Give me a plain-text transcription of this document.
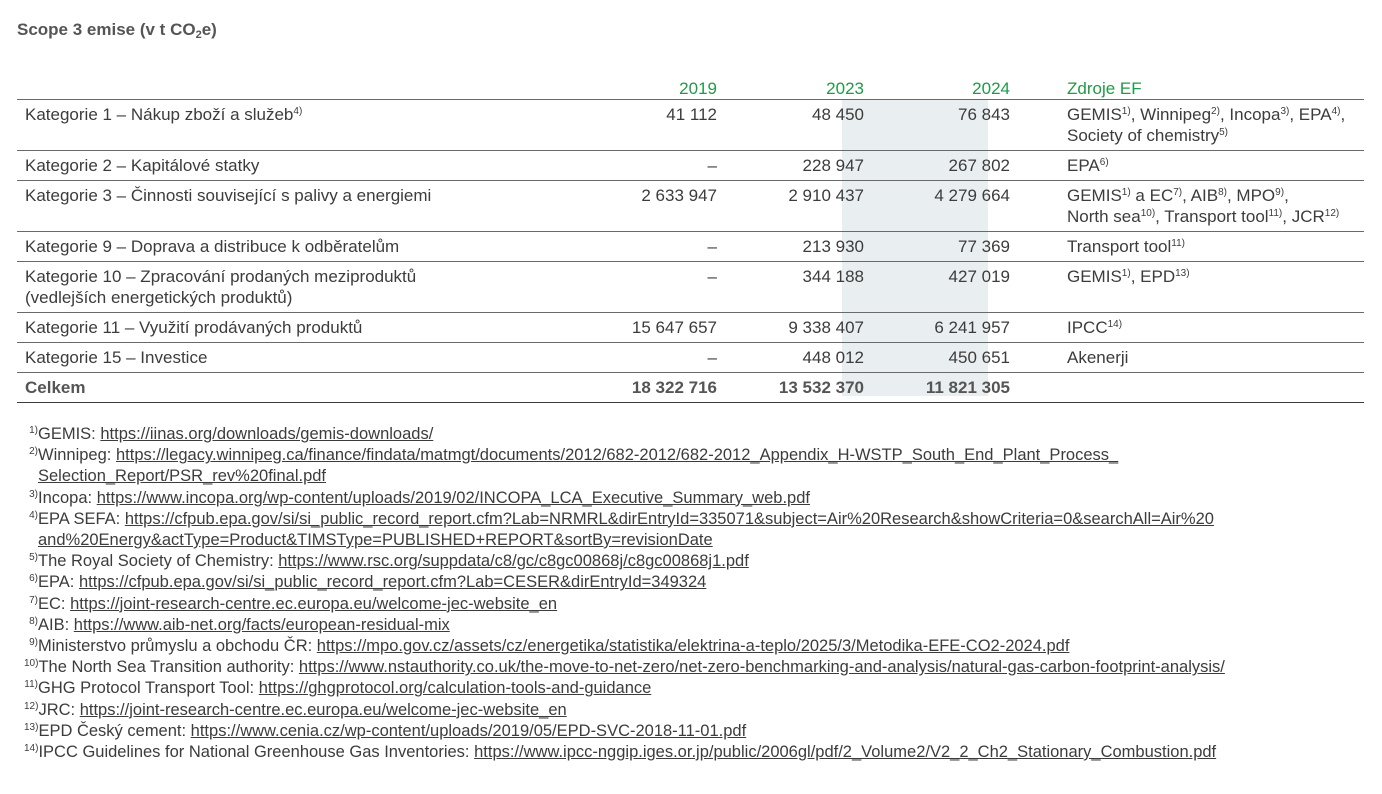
Scope 3 emise (v t $CO_2e$)
	2019	2023	2024	Zdroje EF
Kategorie 1 – Nákup zboží a služeb$^{4)}$	41 112	48 450	76 843	GEMIS$^{1)}$, Winnipeg$^{2)}$, Incopa$^{3)}$, EPA$^{4)}$,
Society of chemistry$^{5)}$
Kategorie 2 – Kapitálové statky	–	228 947	267 802	EPA$^{6)}$
Kategorie 3 – Činnosti související s palivy a energiemi	2 633 947	2 910 437	4 279 664	GEMIS$^{1)}$ a EC$^{7)}$, AIB$^{8)}$, MPO$^{9)}$,
North sea$^{10)}$, Transport tool$^{11)}$, JCR$^{12)}$
Kategorie 9 – Doprava a distribuce k odběratelům	–	213 930	77 369	Transport tool$^{11)}$
Kategorie 10 – Zpracování prodaných meziproduktů
(vedlejších energetických produktů)	–	344 188	427 019	GEMIS$^{1)}$, EPD$^{13)}$
Kategorie 11 – Využití prodávaných produktů	15 647 657	9 338 407	6 241 957	IPCC$^{14)}$
Kategorie 15 – Investice	–	448 012	450 651	Akenerji
Celkem	18 322 716	13 532 370	11 821 305	
1) GEMIS: https://iinas.org/downloads/gemis-downloads/
2) Winnipeg: https://legacy.winnipeg.ca/finance/findata/matmgt/documents/2012/682-2012/682-2012_Appendix_H-WSTP_South_End_Plant_Process_
Selection_Report/PSR_rev%20final.pdf
3) Incopa: https://www.incopa.org/wp-content/uploads/2019/02/INCOPA_LCA_Executive_Summary_web.pdf
4) EPA SEFA: https://cfpub.epa.gov/si/si_public_record_report.cfm?Lab=NRMRL&dirEntryId=335071&subject=Air%20Research&showCriteria=0&searchAll=Air%20
and%20Energy&actType=Product&TIMSType=PUBLISHED+REPORT&sortBy=revisionDate
5) The Royal Society of Chemistry: https://www.rsc.org/suppdata/c8/gc/c8gc00868j/c8gc00868j1.pdf
6) EPA: https://cfpub.epa.gov/si/si_public_record_report.cfm?Lab=CESER&dirEntryId=349324
7) EC: https://joint-research-centre.ec.europa.eu/welcome-jec-website_en
8) AIB: https://www.aib-net.org/facts/european-residual-mix
9) Ministerstvo průmyslu a obchodu ČR: https://mpo.gov.cz/assets/cz/energetika/statistika/elektrina-a-teplo/2025/3/Metodika-EFE-CO2-2024.pdf
10) The North Sea Transition authority: https://www.nstauthority.co.uk/the-move-to-net-zero/net-zero-benchmarking-and-analysis/natural-gas-carbon-footprint-analysis/
11) GHG Protocol Transport Tool: https://ghgprotocol.org/calculation-tools-and-guidance
12) JRC: https://joint-research-centre.ec.europa.eu/welcome-jec-website_en
13) EPD Český cement: https://www.cenia.cz/wp-content/uploads/2019/05/EPD-SVC-2018-11-01.pdf
14) IPCC Guidelines for National Greenhouse Gas Inventories: https://www.ipcc-nggip.iges.or.jp/public/2006gl/pdf/2_Volume2/V2_2_Ch2_Stationary_Combustion.pdf
